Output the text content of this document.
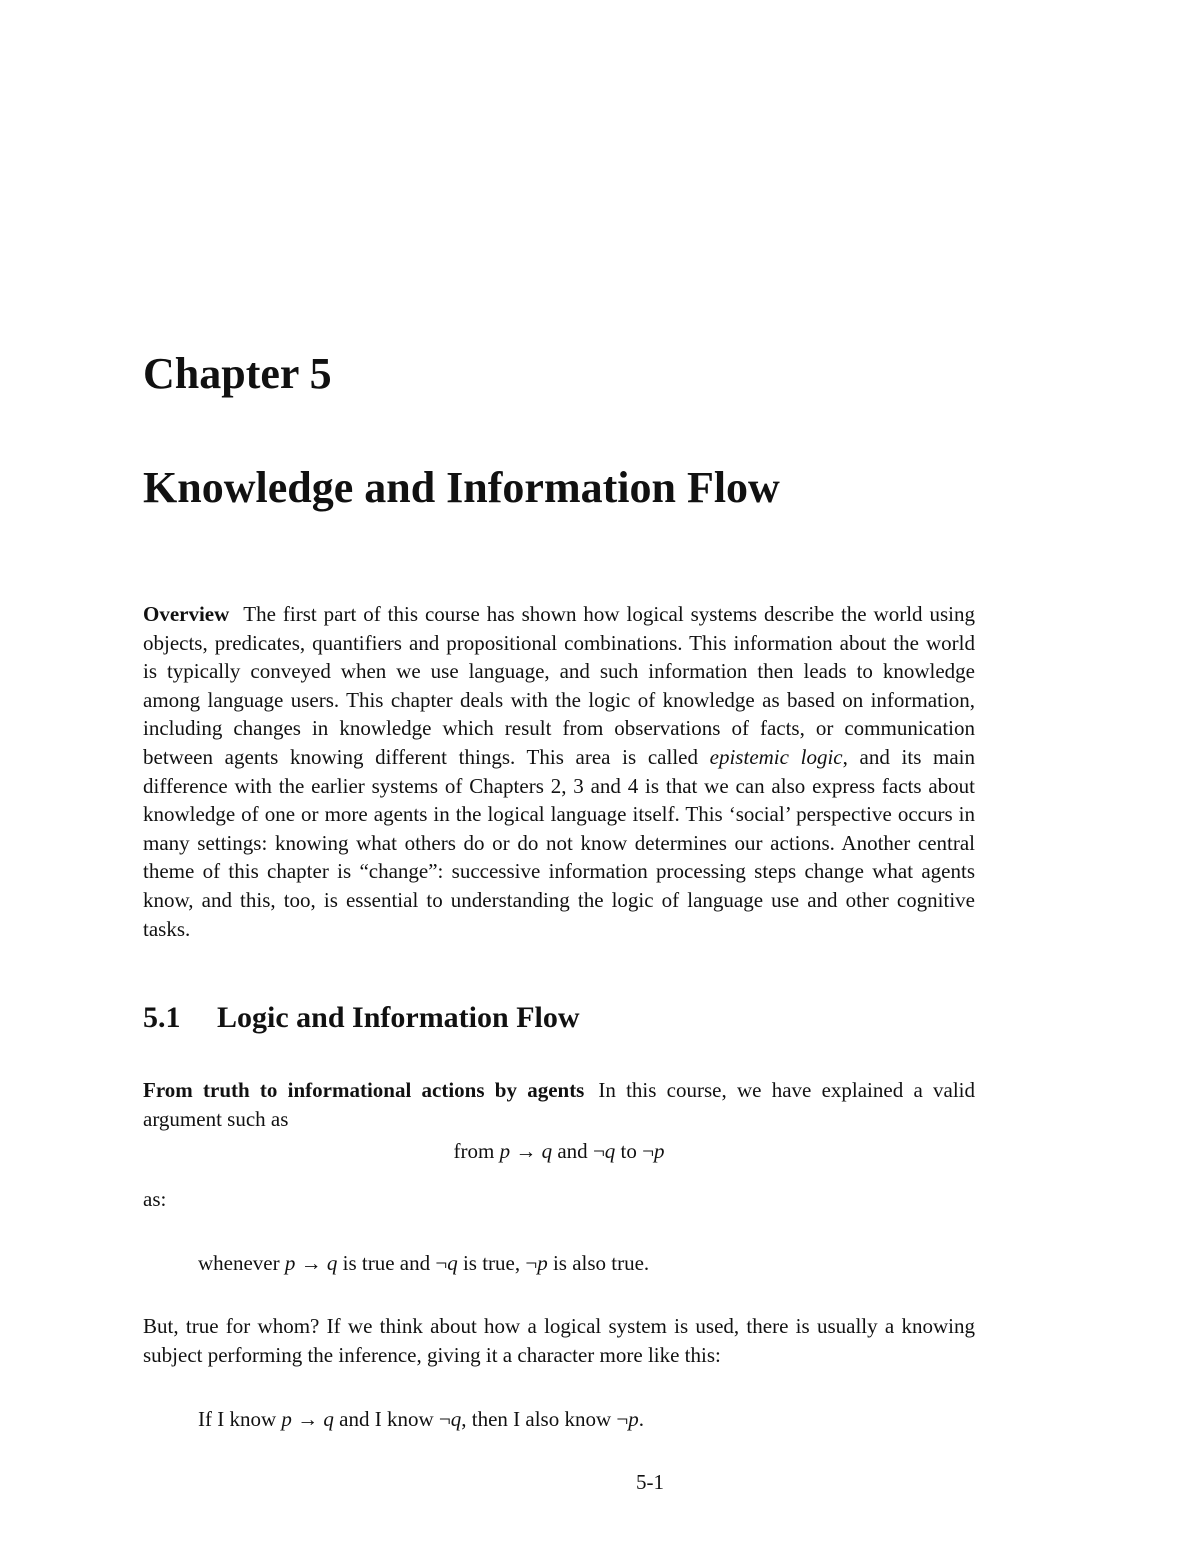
Chapter 5
Knowledge and Information Flow

Overview The first part of this course has shown how logical systems describe the world using objects, predicates, quantifiers and propositional combinations. This information about the world is typically conveyed when we use language, and such information then leads to knowledge among language users. This chapter deals with the logic of knowledge as based on information, including changes in knowledge which result from observations of facts, or communication between agents knowing different things. This area is called epistemic logic, and its main difference with the earlier systems of Chapters 2, 3 and 4 is that we can also express facts about knowledge of one or more agents in the logical language itself. This ‘social’ perspective occurs in many settings: knowing what others do or do not know determines our actions. Another central theme of this chapter is “change”: successive information processing steps change what agents know, and this, too, is essential to understanding the logic of language use and other cognitive tasks.

5.1 Logic and Information Flow

From truth to informational actions by agents In this course, we have explained a valid argument such as

from p → q and ¬q to ¬p
as:
whenever p → q is true and ¬q is true, ¬p is also true.

But, true for whom? If we think about how a logical system is used, there is usually a knowing subject performing the inference, giving it a character more like this:

If I know p → q and I know ¬q, then I also know ¬p.
5-1
